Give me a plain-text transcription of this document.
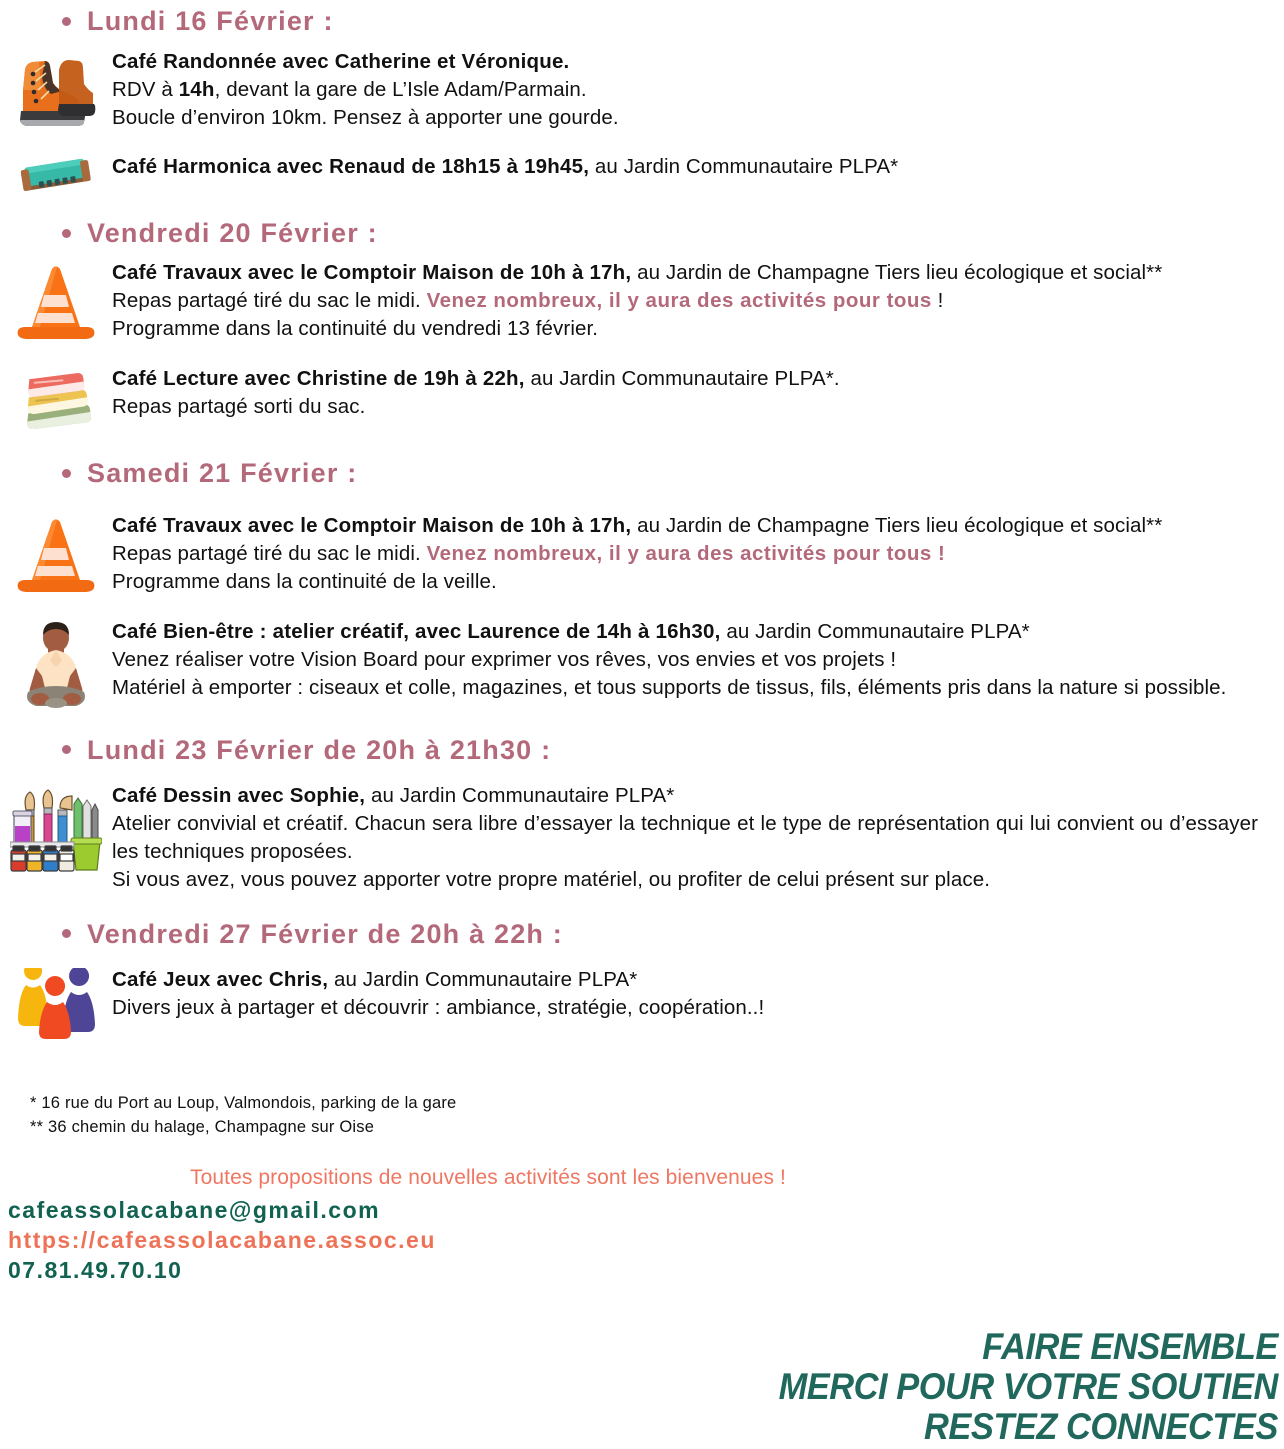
Lundi 16 Février :

Café Randonnée avec Catherine et Véronique.

RDV à 14h, devant la gare de L’Isle Adam/Parmain.

Boucle d’environ 10km. Pensez à apporter une gourde.

Café Harmonica avec Renaud de 18h15 à 19h45, au Jardin Communautaire PLPA*

Vendredi 20 Février :

Café Travaux avec le Comptoir Maison de 10h à 17h, au Jardin de Champagne Tiers lieu écologique et social**

Repas partagé tiré du sac le midi. Venez nombreux, il y aura des activités pour tous !

Programme dans la continuité du vendredi 13 février.

Café Lecture avec Christine de 19h à 22h, au Jardin Communautaire PLPA*.

Repas partagé sorti du sac.

Samedi 21 Février :

Café Travaux avec le Comptoir Maison de 10h à 17h, au Jardin de Champagne Tiers lieu écologique et social**

Repas partagé tiré du sac le midi. Venez nombreux, il y aura des activités pour tous !

Programme dans la continuité de la veille.

Café Bien-être : atelier créatif, avec Laurence de 14h à 16h30, au Jardin Communautaire PLPA*

Venez réaliser votre Vision Board pour exprimer vos rêves, vos envies et vos projets !

Matériel à emporter : ciseaux et colle, magazines, et tous supports de tissus, fils, éléments pris dans la nature si possible.

Lundi 23 Février de 20h à 21h30 :

Café Dessin avec Sophie, au Jardin Communautaire PLPA*

Atelier convivial et créatif. Chacun sera libre d’essayer la technique et le type de représentation qui lui convient ou d’essayer les techniques proposées.

Si vous avez, vous pouvez apporter votre propre matériel, ou profiter de celui présent sur place.

Vendredi 27 Février de 20h à 22h :

Café Jeux avec Chris, au Jardin Communautaire PLPA*

Divers jeux à partager et découvrir : ambiance, stratégie, coopération..!

* 16 rue du Port au Loup, Valmondois, parking de la gare

** 36 chemin du halage, Champagne sur Oise

Toutes propositions de nouvelles activités sont les bienvenues !
cafeassolacabane@gmail.com
https://cafeassolacabane.assoc.eu
07.81.49.70.10
FAIRE ENSEMBLE
MERCI POUR VOTRE SOUTIEN
RESTEZ CONNECTES
